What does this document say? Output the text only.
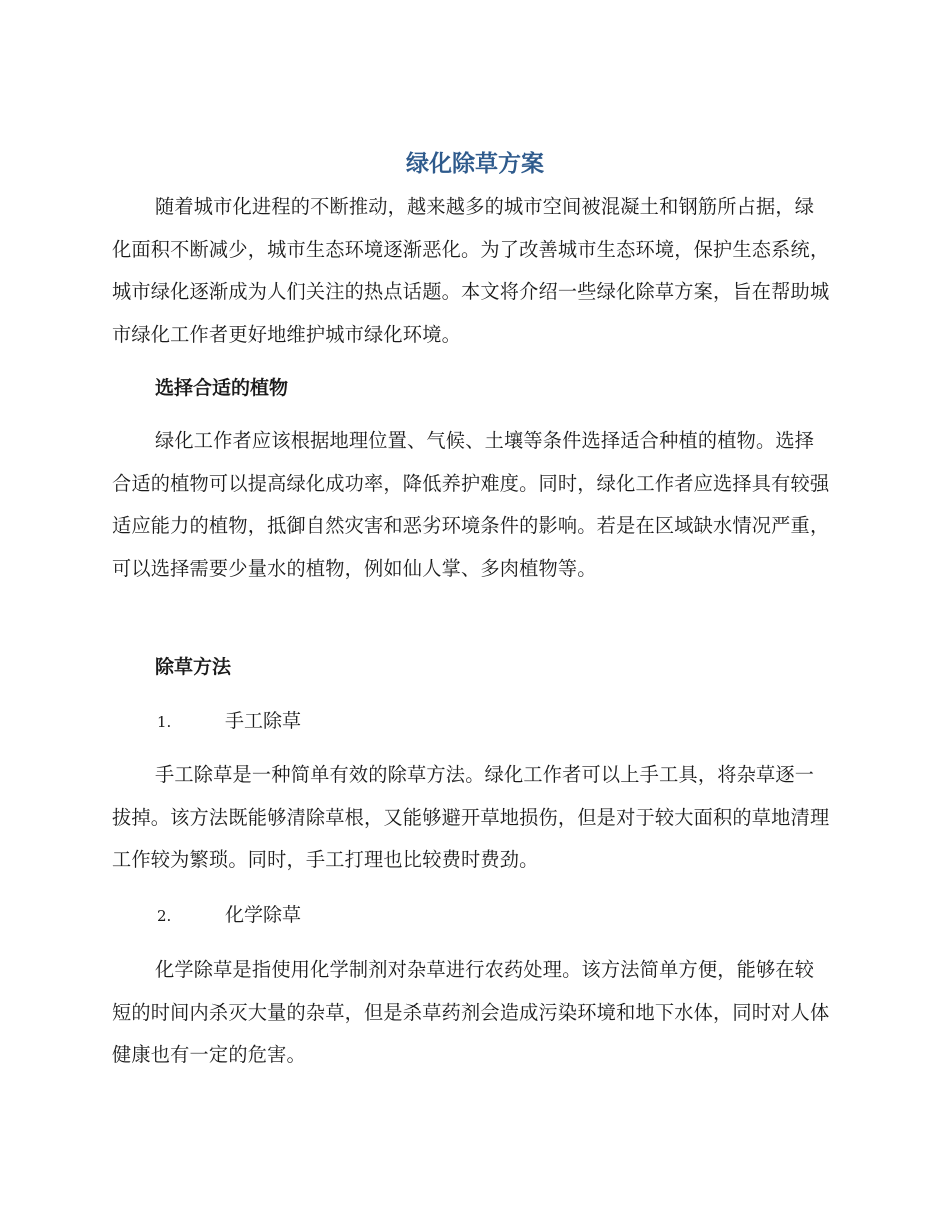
绿化除草方案

随着城市化进程的不断推动，越来越多的城市空间被混凝土和钢筋所占据，绿化面积不断减少，城市生态环境逐渐恶化。为了改善城市生态环境，保护生态系统，城市绿化逐渐成为人们关注的热点话题。本文将介绍一些绿化除草方案，旨在帮助城市绿化工作者更好地维护城市绿化环境。

选择合适的植物

绿化工作者应该根据地理位置、气候、土壤等条件选择适合种植的植物。选择合适的植物可以提高绿化成功率，降低养护难度。同时，绿化工作者应选择具有较强适应能力的植物，抵御自然灾害和恶劣环境条件的影响。若是在区域缺水情况严重，可以选择需要少量水的植物，例如仙人掌、多肉植物等。

除草方法
1.	手工除草

手工除草是一种简单有效的除草方法。绿化工作者可以上手工具，将杂草逐一拔掉。该方法既能够清除草根，又能够避开草地损伤，但是对于较大面积的草地清理工作较为繁琐。同时，手工打理也比较费时费劲。

2.	化学除草

化学除草是指使用化学制剂对杂草进行农药处理。该方法简单方便，能够在较短的时间内杀灭大量的杂草，但是杀草药剂会造成污染环境和地下水体，同时对人体健康也有一定的危害。
